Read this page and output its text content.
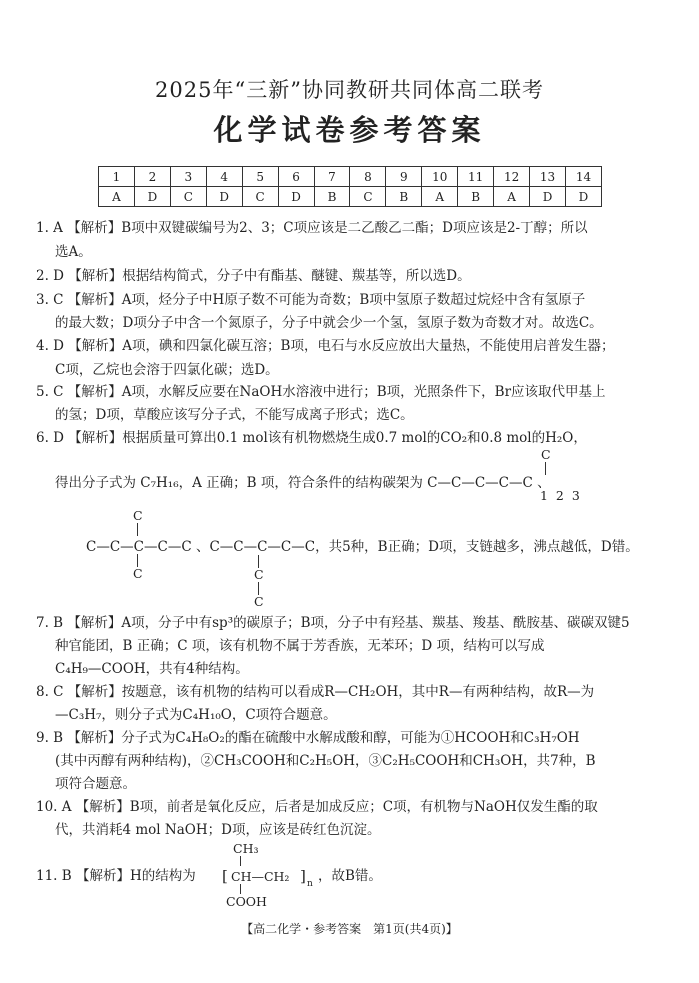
2025年“三新”协同教研共同体高二联考
化学试卷参考答案
1	2	3	4	5	6	7	8	9	10	11	12	13	14
A	D	C	D	C	D	B	C	B	A	B	A	D	D
1. A 【解析】B项中双键碳编号为2、3；C项应该是二乙酸乙二酯；D项应该是2-丁醇；所以
选A。
2. D 【解析】根据结构简式，分子中有酯基、醚键、羰基等，所以选D。
3. C 【解析】A项，烃分子中H原子数不可能为奇数；B项中氢原子数超过烷烃中含有氢原子
的最大数；D项分子中含一个氮原子，分子中就会少一个氢，氢原子数为奇数才对。故选C。
4. D 【解析】A项，碘和四氯化碳互溶；B项，电石与水反应放出大量热，不能使用启普发生器；
C项，乙烷也会溶于四氯化碳；选D。
5. C 【解析】A项，水解反应要在NaOH水溶液中进行；B项，光照条件下，Br应该取代甲基上
的氢；D项，草酸应该写分子式，不能写成离子形式；选C。
6. D 【解析】根据质量可算出0.1 mol该有机物燃烧生成0.7 mol的CO₂和0.8 mol的H₂O，
C
得出分子式为 C₇H₁₆，A 正确；B 项，符合条件的结构碳架为 C—C—C—C—C 、
1 2 3
C
C
C—C—C—C—C 、C—C—C—C—C，共5种，B正确；D项，支链越多，沸点越低，D错。
C
C
7. B 【解析】A项，分子中有sp³的碳原子；B项，分子中有羟基、羰基、羧基、酰胺基、碳碳双键5
种官能团，B 正确；C 项，该有机物不属于芳香族，无苯环；D 项，结构可以写成
C₄H₉—COOH，共有4种结构。
8. C 【解析】按题意，该有机物的结构可以看成R—CH₂OH，其中R—有两种结构，故R—为
—C₃H₇，则分子式为C₄H₁₀O，C项符合题意。
9. B 【解析】分子式为C₄H₈O₂的酯在硫酸中水解成酸和醇，可能为①HCOOH和C₃H₇OH
(其中丙醇有两种结构)，②CH₃COOH和C₂H₅OH，③C₂H₅COOH和CH₃OH，共7种，B
项符合题意。
10. A 【解析】B项，前者是氧化反应，后者是加成反应；C项，有机物与NaOH仅发生酯的取
代，共消耗4 mol NaOH；D项，应该是砖红色沉淀。
CH₃
11. B 【解析】H的结构为 [ CH—CH₂ ] n ，故B错。
COOH
【高二化学・参考答案　第1页(共4页)】
